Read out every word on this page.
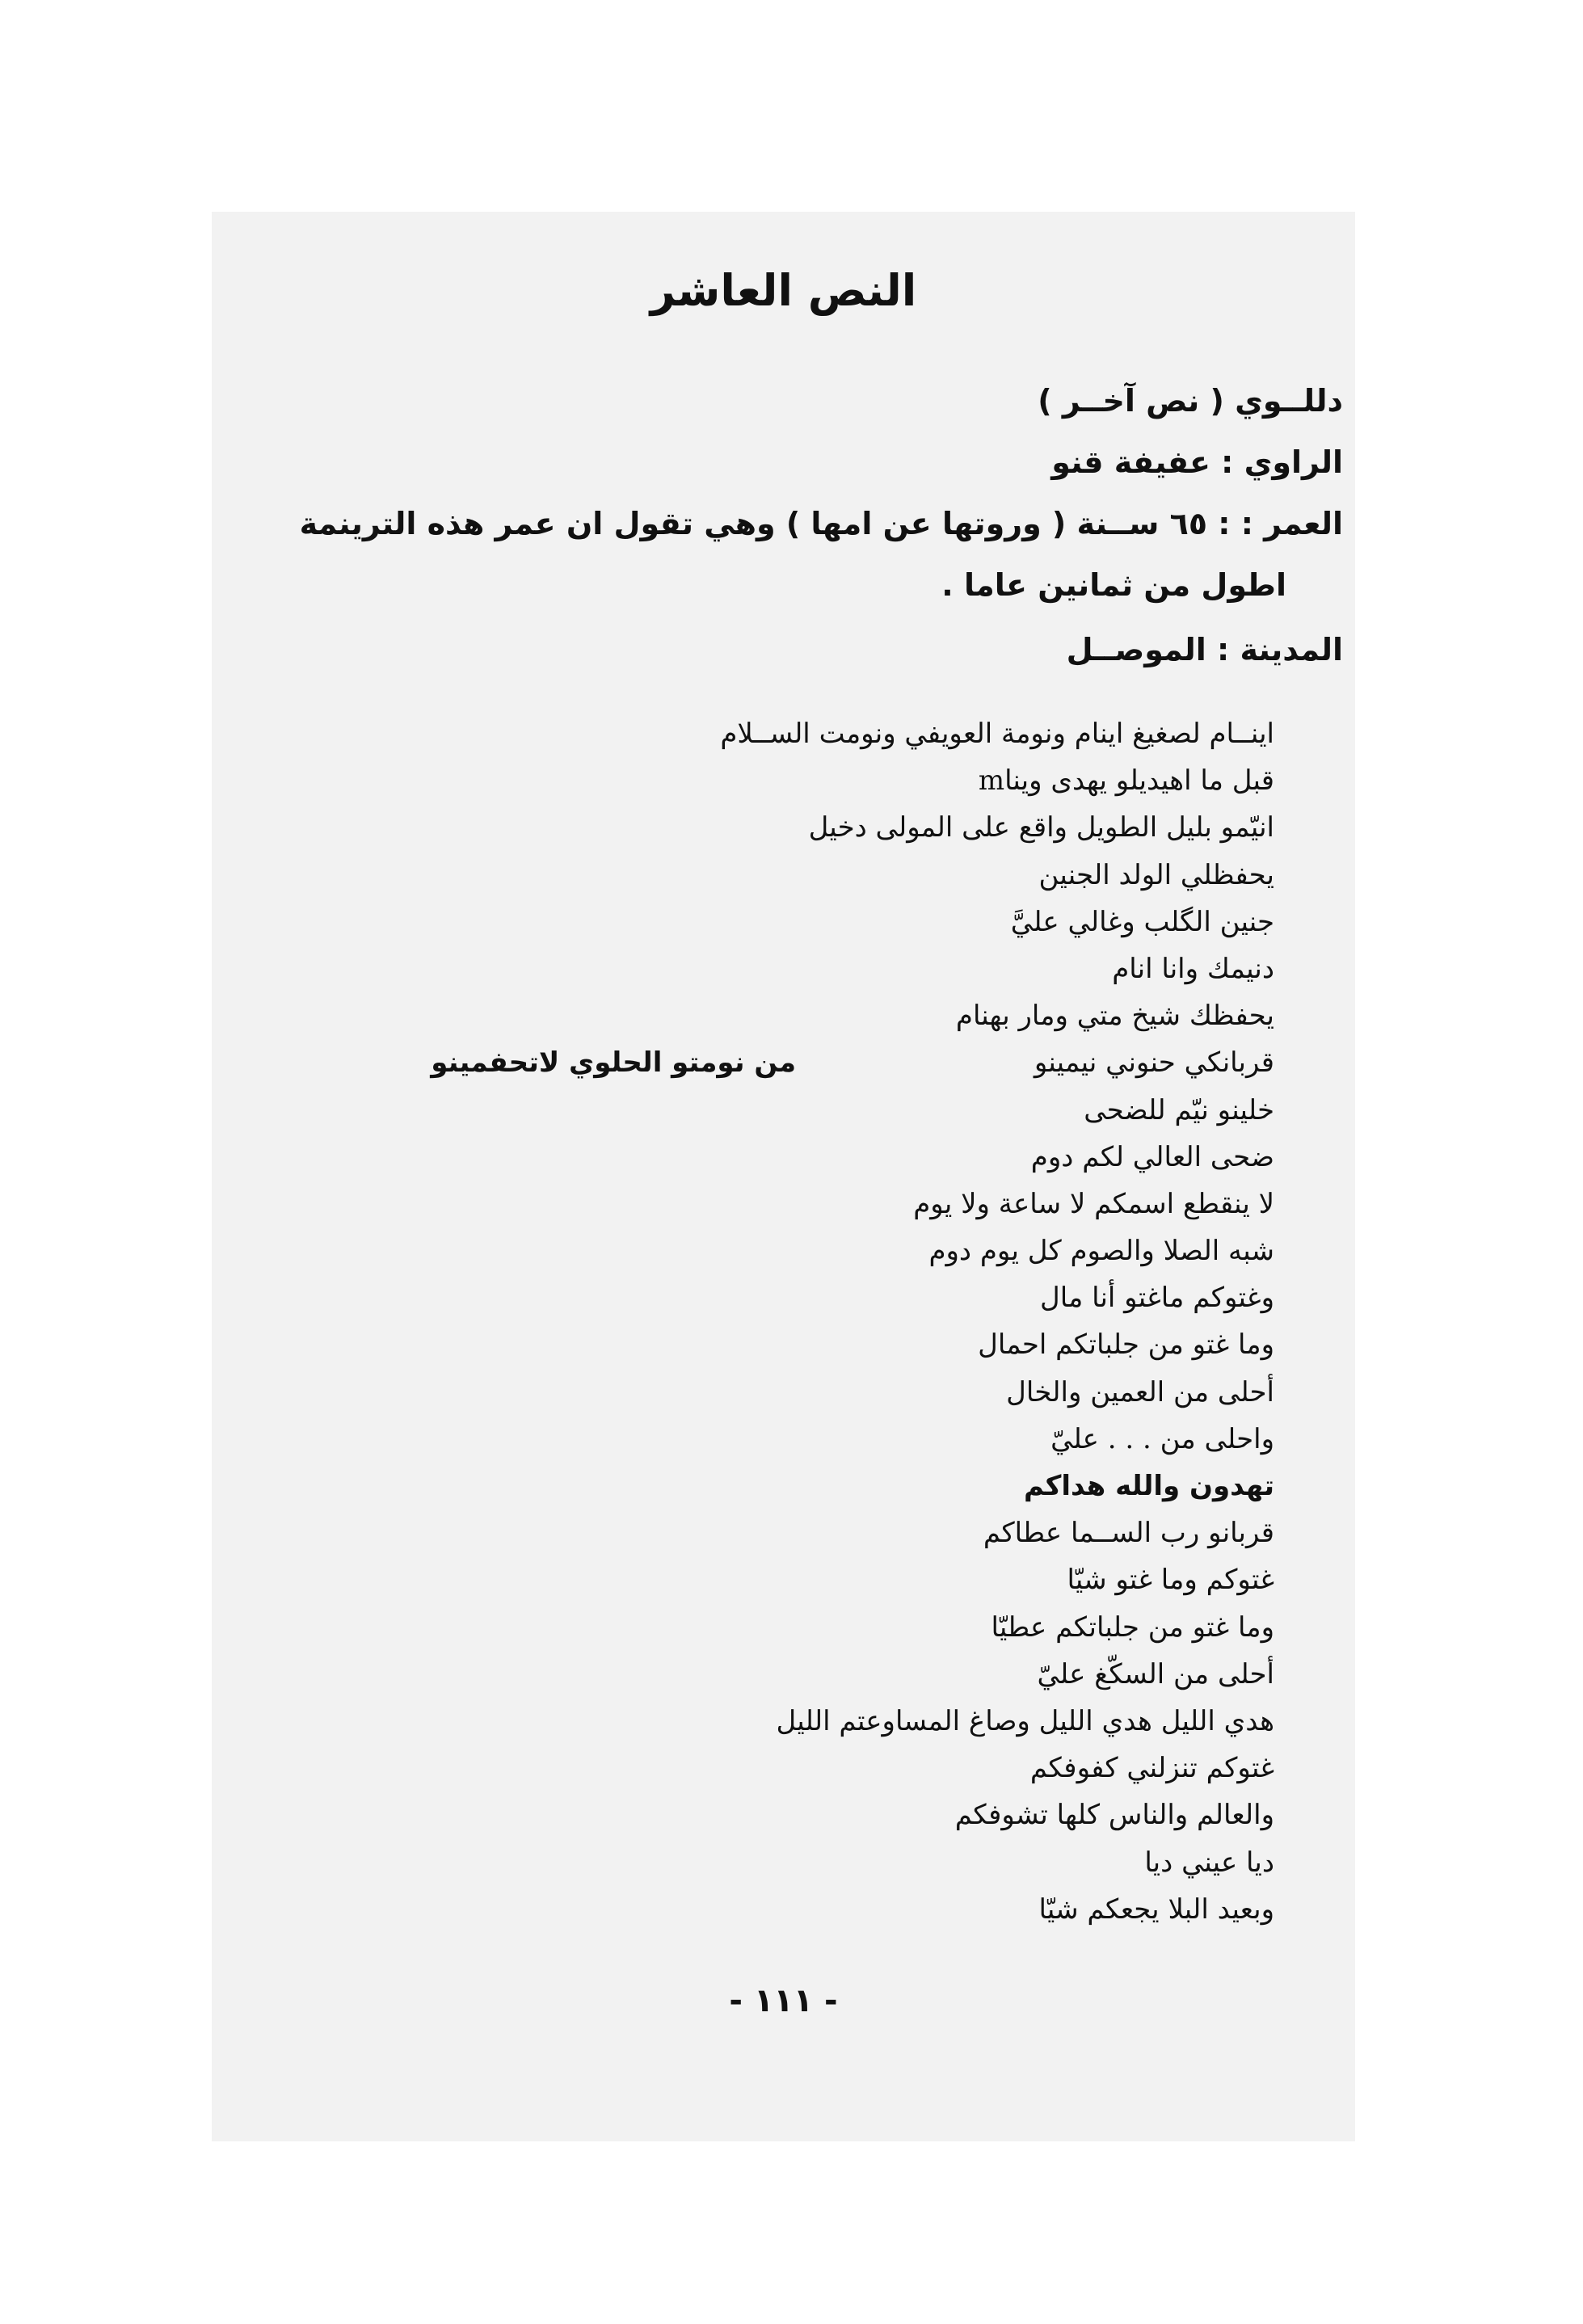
النص العاشر
دللــوي ( نص آخــر )
الراوي : عفيفة قنو
العمر : : ٦٥ ســنة ( وروتها عن امها ) وهي تقول ان عمر هذه الترينمة
اطول من ثمانين عاما .
المدينة : الموصــل
اينــام لصغيغ اينام ونومة العويفي ونومت الســلام
قبل ما اهيديلو يهدى ويناm
انيّمو بليل الطويل واقع على المولى دخيل
يحفظلي الولد الجنين
جنين الگلب وغالي عليَّ
دنيمك وانا انام
يحفظك شيخ متي ومار بهنام
قربانكي حنوني نيمينو
من نومتو الحلوي لاتحفمينو
خلينو نيّم للضحى
ضحى العالي لكم دوم
لا ينقطع اسمكم لا ساعة ولا يوم
شبه الصلا والصوم كل يوم دوم
وغتوكم ماغتو أنا مال
وما غتو من جلباتكم احمال
أحلى من العمين والخال
واحلى من . . . عليّ
تهدون والله هداكم
قربانو رب الســما عطاكم
غتوكم وما غتو شيّا
وما غتو من جلباتكم عطيّا
أحلى من السكّغ عليّ
هدي الليل هدي الليل وصاغ المساوعتم الليل
غتوكم تنزلني كفوفكم
والعالم والناس كلها تشوفكم
ديا عيني ديا
وبعيد البلا يجعكم شيّا
- ١١١ -
